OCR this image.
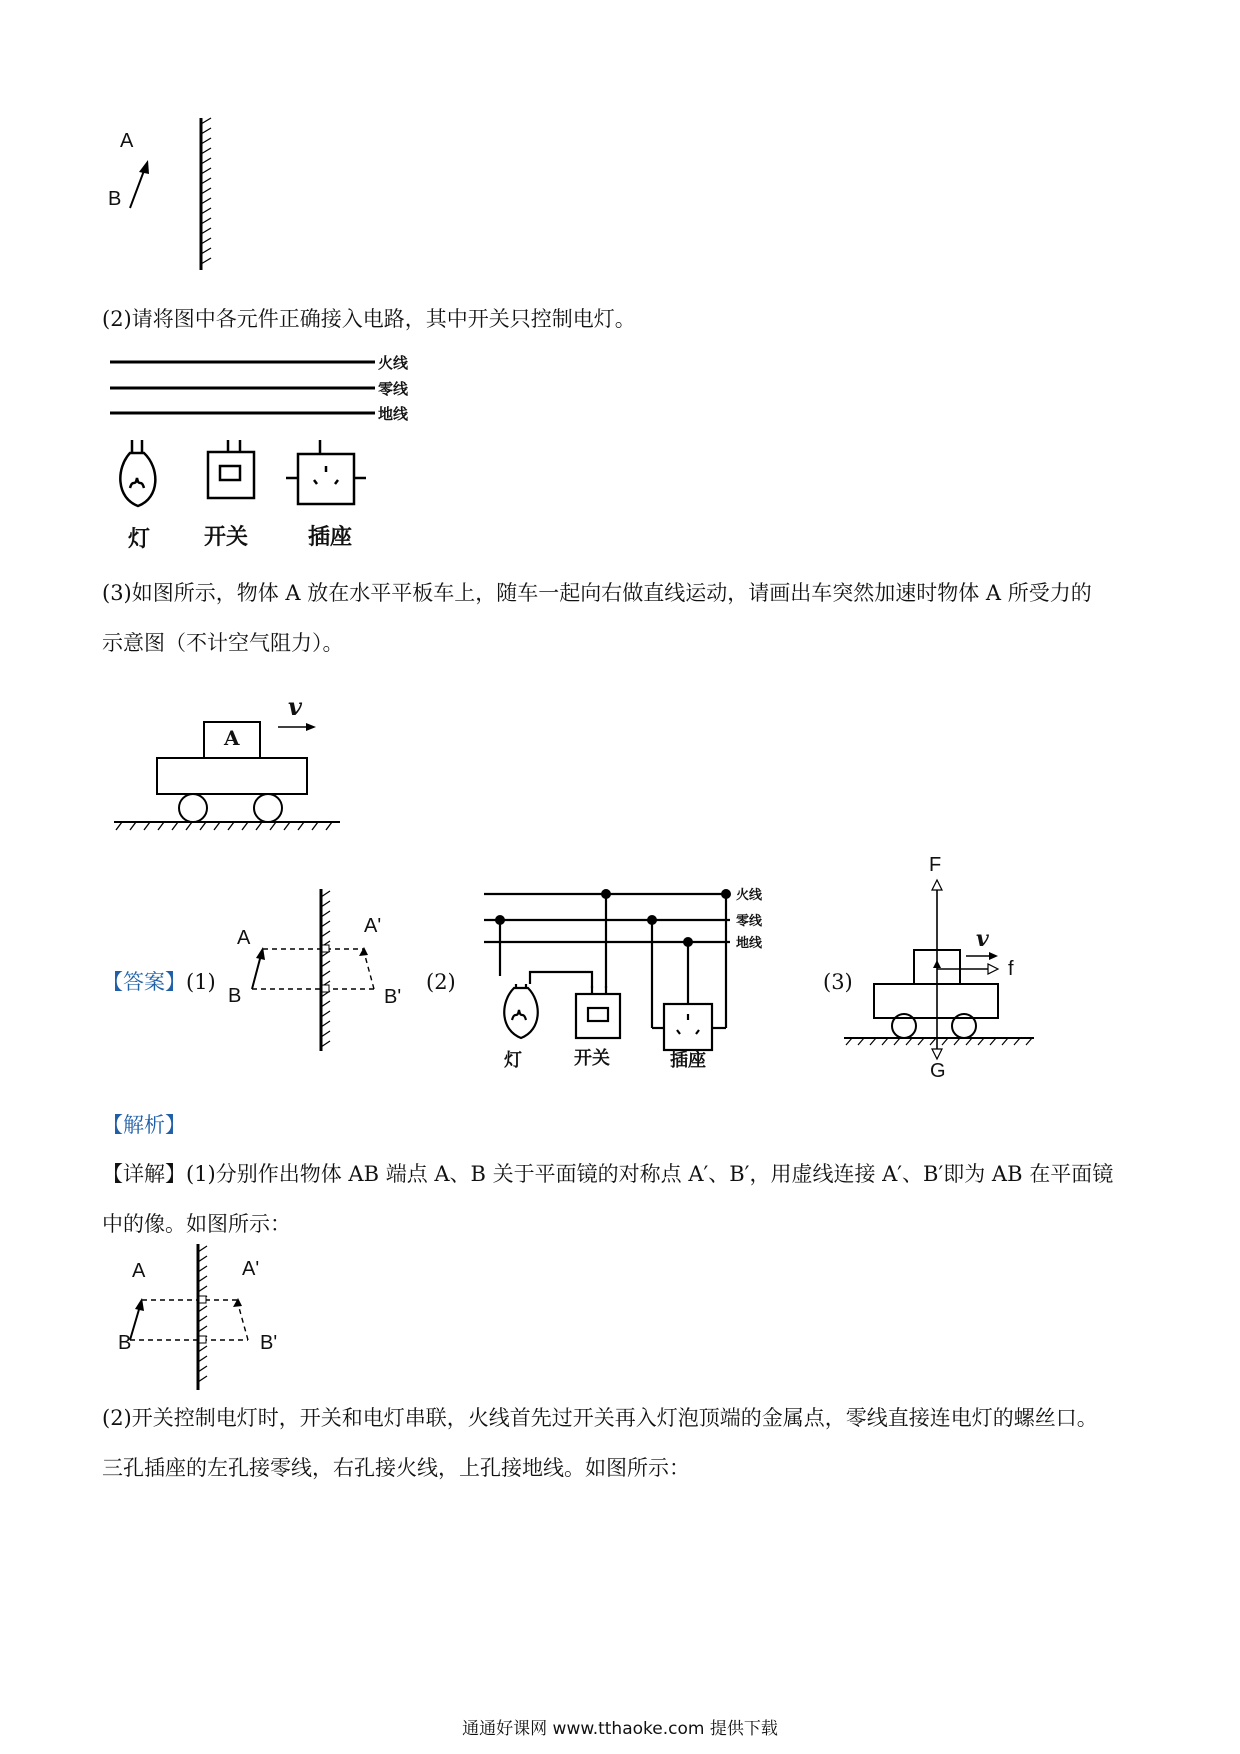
A
B
(2)请将图中各元件正确接入电路，其中开关只控制电灯。
火线
零线
地线
灯 开关	插座
(3)如图所示，物体 A 放在水平平板车上，随车一起向右做直线运动，请画出车突然加速时物体 A 所受力的
示意图（不计空气阻力）。
A
v
【答案】(1)	(2)	(3)
A
B
A'
B'
火线
零线
地线
灯	开关	插座
F
v
f
G
【解析】
【详解】(1)分别作出物体 AB 端点 A、B 关于平面镜的对称点 A′、B′，用虚线连接 A′、B′即为 AB 在平面镜
中的像。如图所示：
A
B
A'
B'
(2)开关控制电灯时，开关和电灯串联，火线首先过开关再入灯泡顶端的金属点，零线直接连电灯的螺丝口。
三孔插座的左孔接零线，右孔接火线，上孔接地线。如图所示：
通通好课网 www.tthaoke.com 提供下载
